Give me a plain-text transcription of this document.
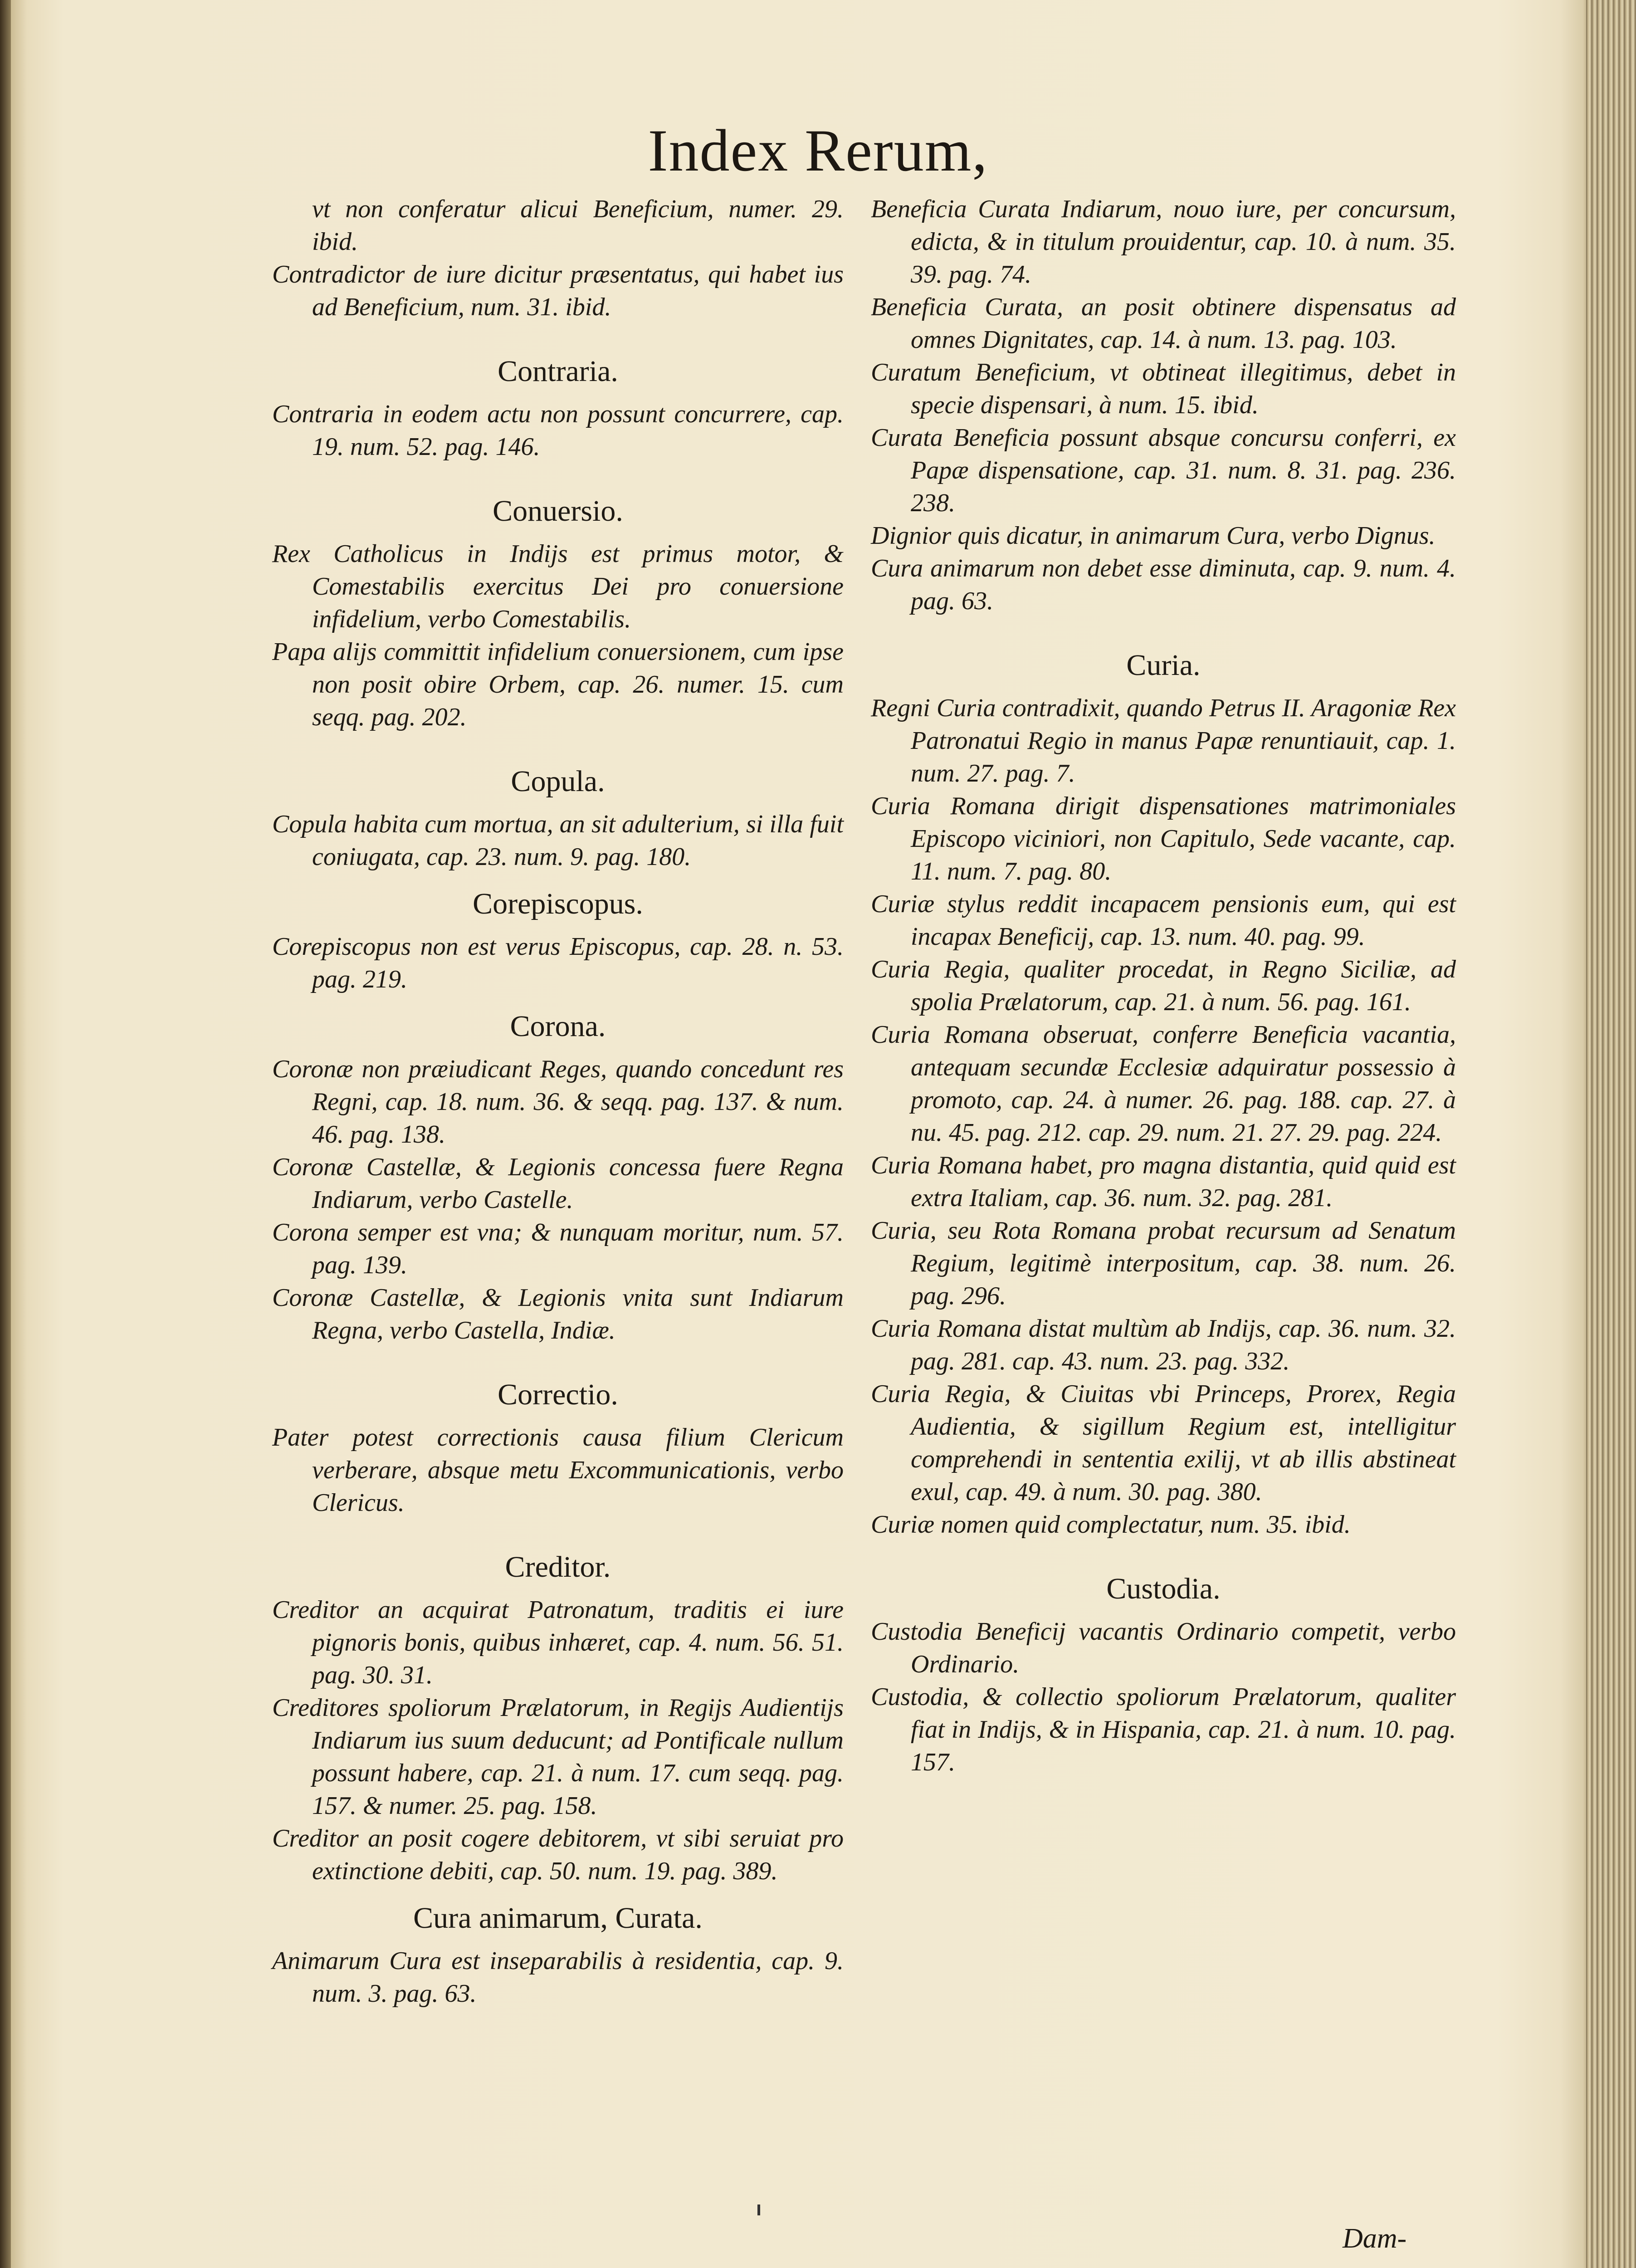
Index Rerum,

vt non conferatur alicui Beneficium, numer. 29. ibid.

Contradictor de iure dicitur præsentatus, qui habet ius ad Beneficium, num. 31. ibid.

Contraria.

Contraria in eodem actu non possunt concurrere, cap. 19. num. 52. pag. 146.

Conuersio.

Rex Catholicus in Indijs est primus motor, & Comestabilis exercitus Dei pro conuersione infidelium, verbo Comestabilis.

Papa alijs committit infidelium conuersionem, cum ipse non posit obire Orbem, cap. 26. numer. 15. cum seqq. pag. 202.

Copula.

Copula habita cum mortua, an sit adulterium, si illa fuit coniugata, cap. 23. num. 9. pag. 180.

Corepiscopus.

Corepiscopus non est verus Episcopus, cap. 28. n. 53. pag. 219.

Corona.

Coronæ non præiudicant Reges, quando concedunt res Regni, cap. 18. num. 36. & seqq. pag. 137. & num. 46. pag. 138.

Coronæ Castellæ, & Legionis concessa fuere Regna Indiarum, verbo Castelle.

Corona semper est vna; & nunquam moritur, num. 57. pag. 139.

Coronæ Castellæ, & Legionis vnita sunt Indiarum Regna, verbo Castella, Indiæ.

Correctio.

Pater potest correctionis causa filium Clericum verberare, absque metu Excommunicationis, verbo Clericus.

Creditor.

Creditor an acquirat Patronatum, traditis ei iure pignoris bonis, quibus inhæret, cap. 4. num. 56. 51. pag. 30. 31.

Creditores spoliorum Prælatorum, in Regijs Audientijs Indiarum ius suum deducunt; ad Pontificale nullum possunt habere, cap. 21. à num. 17. cum seqq. pag. 157. & numer. 25. pag. 158.

Creditor an posit cogere debitorem, vt sibi seruiat pro extinctione debiti, cap. 50. num. 19. pag. 389.

Cura animarum, Curata.

Animarum Cura est inseparabilis à residentia, cap. 9. num. 3. pag. 63.

Beneficia Curata Indiarum, nouo iure, per concursum, edicta, & in titulum prouidentur, cap. 10. à num. 35. 39. pag. 74.

Beneficia Curata, an posit obtinere dispensatus ad omnes Dignitates, cap. 14. à num. 13. pag. 103.

Curatum Beneficium, vt obtineat illegitimus, debet in specie dispensari, à num. 15. ibid.

Curata Beneficia possunt absque concursu conferri, ex Papæ dispensatione, cap. 31. num. 8. 31. pag. 236. 238.

Dignior quis dicatur, in animarum Cura, verbo Dignus.

Cura animarum non debet esse diminuta, cap. 9. num. 4. pag. 63.

Curia.

Regni Curia contradixit, quando Petrus II. Aragoniæ Rex Patronatui Regio in manus Papæ renuntiauit, cap. 1. num. 27. pag. 7.

Curia Romana dirigit dispensationes matrimoniales Episcopo viciniori, non Capitulo, Sede vacante, cap. 11. num. 7. pag. 80.

Curiæ stylus reddit incapacem pensionis eum, qui est incapax Beneficij, cap. 13. num. 40. pag. 99.

Curia Regia, qualiter procedat, in Regno Siciliæ, ad spolia Prælatorum, cap. 21. à num. 56. pag. 161.

Curia Romana obseruat, conferre Beneficia vacantia, antequam secundæ Ecclesiæ adquiratur possessio à promoto, cap. 24. à numer. 26. pag. 188. cap. 27. à nu. 45. pag. 212. cap. 29. num. 21. 27. 29. pag. 224.

Curia Romana habet, pro magna distantia, quid quid est extra Italiam, cap. 36. num. 32. pag. 281.

Curia, seu Rota Romana probat recursum ad Senatum Regium, legitimè interpositum, cap. 38. num. 26. pag. 296.

Curia Romana distat multùm ab Indijs, cap. 36. num. 32. pag. 281. cap. 43. num. 23. pag. 332.

Curia Regia, & Ciuitas vbi Princeps, Prorex, Regia Audientia, & sigillum Regium est, intelligitur comprehendi in sententia exilij, vt ab illis abstineat exul, cap. 49. à num. 30. pag. 380.

Curiæ nomen quid complectatur, num. 35. ibid.

Custodia.

Custodia Beneficij vacantis Ordinario competit, verbo Ordinario.

Custodia, & collectio spoliorum Prælatorum, qualiter fiat in Indijs, & in Hispania, cap. 21. à num. 10. pag. 157.

Dam-
